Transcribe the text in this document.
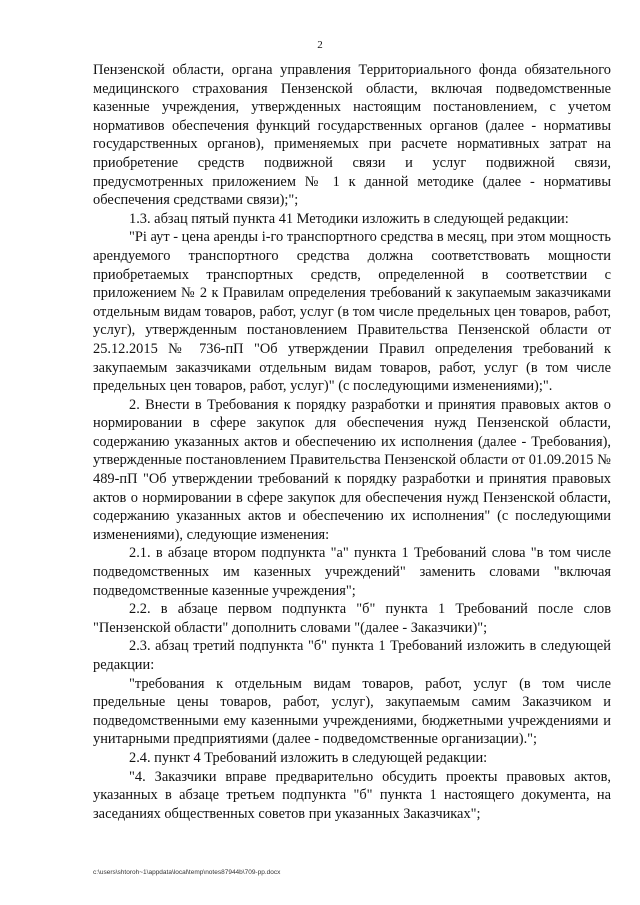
2

Пензенской области, органа управления Территориального фонда обязательного медицинского страхования Пензенской области, включая подведомственные казенные учреждения, утвержденных настоящим постановлением, с учетом нормативов обеспечения функций государственных органов (далее - нормативы государственных органов), применяемых при расчете нормативных затрат на приобретение средств подвижной связи и услуг подвижной связи, предусмотренных приложением № 1 к данной методике (далее - нормативы обеспечения средствами связи);";

1.3. абзац пятый пункта 41 Методики изложить в следующей редакции:

"Pi аут - цена аренды i-го транспортного средства в месяц, при этом мощность арендуемого транспортного средства должна соответствовать мощности приобретаемых транспортных средств, определенной в соответствии с приложением № 2 к Правилам определения требований к закупаемым заказчиками отдельным видам товаров, работ, услуг (в том числе предельных цен товаров, работ, услуг), утвержденным постановлением Правительства Пензенской области от 25.12.2015 № 736-пП "Об утверждении Правил определения требований к закупаемым заказчиками отдельным видам товаров, работ, услуг (в том числе предельных цен товаров, работ, услуг)" (с последующими изменениями);".

2. Внести в Требования к порядку разработки и принятия правовых актов о нормировании в сфере закупок для обеспечения нужд Пензенской области, содержанию указанных актов и обеспечению их исполнения (далее - Требования), утвержденные постановлением Правительства Пензенской области от 01.09.2015 № 489-пП "Об утверждении требований к порядку разработки и принятия правовых актов о нормировании в сфере закупок для обеспечения нужд Пензенской области, содержанию указанных актов и обеспечению их исполнения" (с последующими изменениями), следующие изменения:

2.1. в абзаце втором подпункта "а" пункта 1 Требований слова "в том числе подведомственных им казенных учреждений" заменить словами "включая подведомственные казенные учреждения";

2.2. в абзаце первом подпункта "б" пункта 1 Требований после слов "Пензенской области" дополнить словами "(далее - Заказчики)";

2.3. абзац третий подпункта "б" пункта 1 Требований изложить в следующей редакции:

"требования к отдельным видам товаров, работ, услуг (в том числе предельные цены товаров, работ, услуг), закупаемым самим Заказчиком и подведомственными ему казенными учреждениями, бюджетными учреждениями и унитарными предприятиями (далее - подведомственные организации).";

2.4. пункт 4 Требований изложить в следующей редакции:

"4. Заказчики вправе предварительно обсудить проекты правовых актов, указанных в абзаце третьем подпункта "б" пункта 1 настоящего документа, на заседаниях общественных советов при указанных Заказчиках";

c:\users\shtoroh~1\appdata\local\temp\notes87944b\709-pp.docx
